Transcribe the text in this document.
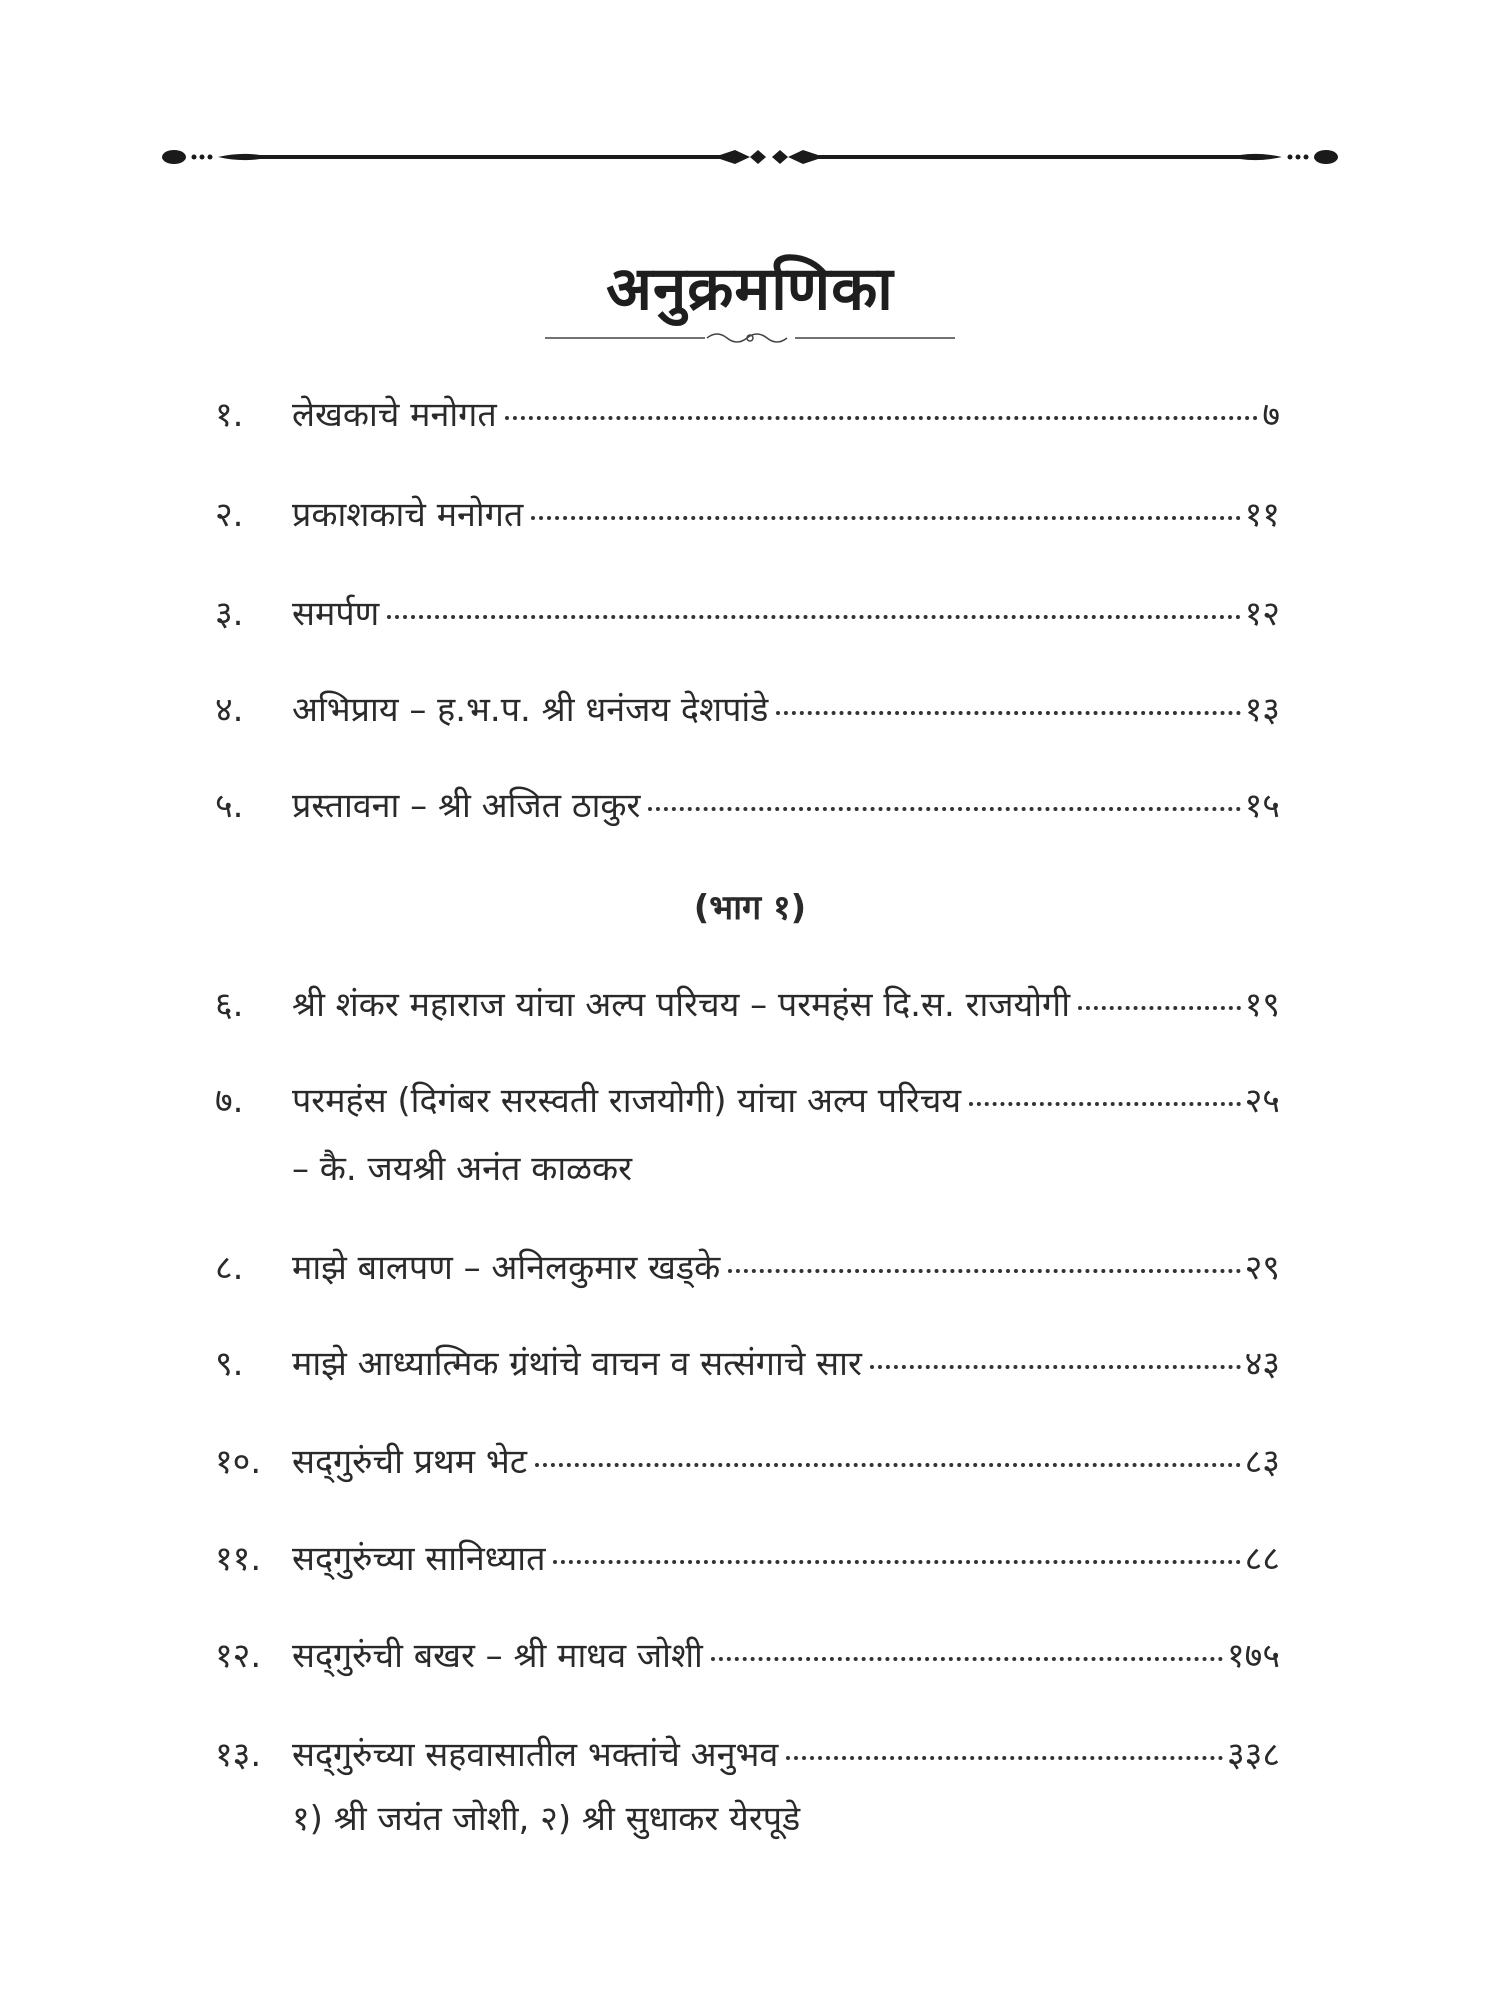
अनुक्रमणिका
१.	लेखकाचे मनोगत	७
२.	प्रकाशकाचे मनोगत	११
३.	समर्पण	१२
४.	अभिप्राय – ह.भ.प. श्री धनंजय देशपांडे	१३
५.	प्रस्तावना – श्री अजित ठाकुर	१५
६.	श्री शंकर महाराज यांचा अल्प परिचय – परमहंस दि.स. राजयोगी	१९
७.	परमहंस (दिगंबर सरस्वती राजयोगी) यांचा अल्प परिचय	२५
– कै. जयश्री अनंत काळकर
८.	माझे बालपण – अनिलकुमार खड्के	२९
९.	माझे आध्यात्मिक ग्रंथांचे वाचन व सत्संगाचे सार	४३
१०. सद्‌गुरुंची प्रथम भेट	८३
११. सद्‌गुरुंच्या सानिध्यात	८८
१२. सद्‌गुरुंची बखर – श्री माधव जोशी	१७५
१३. सद्‌गुरुंच्या सहवासातील भक्तांचे अनुभव	३३८
१) श्री जयंत जोशी, २) श्री सुधाकर येरपूडे
(भाग १)
